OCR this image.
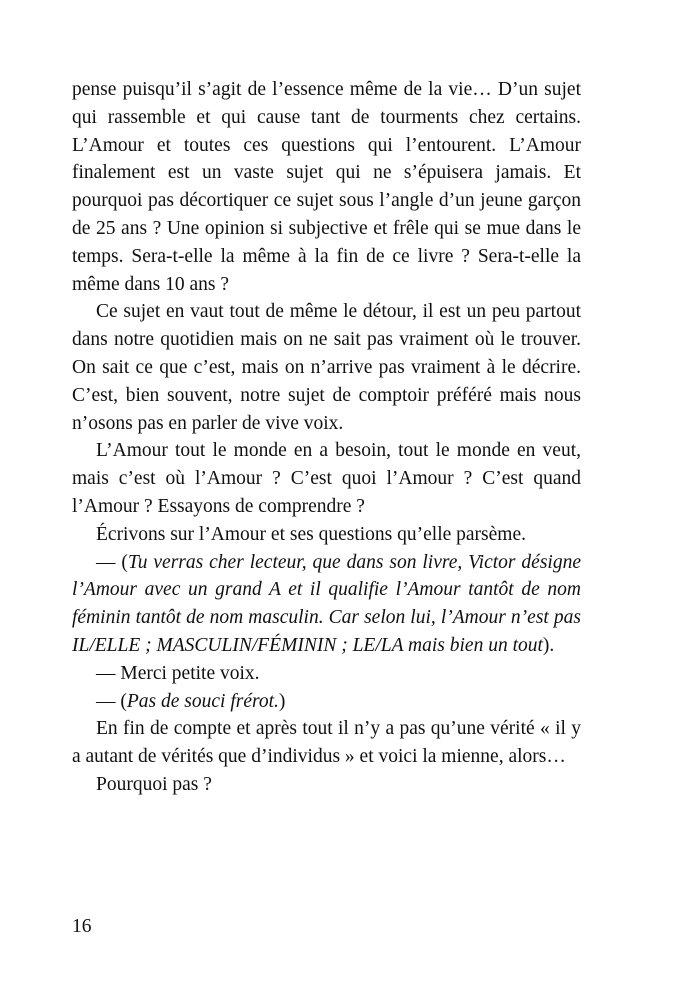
pense puisqu’il s’agit de l’essence même de la vie… D’un sujet qui rassemble et qui cause tant de tourments chez certains. L’Amour et toutes ces questions qui l’entourent. L’Amour finalement est un vaste sujet qui ne s’épuisera jamais. Et pourquoi pas décortiquer ce sujet sous l’angle d’un jeune garçon de 25 ans ? Une opinion si subjective et frêle qui se mue dans le temps. Sera-t-elle la même à la fin de ce livre ? Sera-t-elle la même dans 10 ans ?

Ce sujet en vaut tout de même le détour, il est un peu partout dans notre quotidien mais on ne sait pas vraiment où le trouver. On sait ce que c’est, mais on n’arrive pas vraiment à le décrire. C’est, bien souvent, notre sujet de comptoir préféré mais nous n’osons pas en parler de vive voix.

L’Amour tout le monde en a besoin, tout le monde en veut, mais c’est où l’Amour ? C’est quoi l’Amour ? C’est quand l’Amour ? Essayons de comprendre ?

Écrivons sur l’Amour et ses questions qu’elle parsème.

— (Tu verras cher lecteur, que dans son livre, Victor désigne l’Amour avec un grand A et il qualifie l’Amour tantôt de nom féminin tantôt de nom masculin. Car selon lui, l’Amour n’est pas IL/ELLE ; MASCULIN/FÉMININ ; LE/LA mais bien un tout).

— Merci petite voix.

— (Pas de souci frérot.)

En fin de compte et après tout il n’y a pas qu’une vérité « il y a autant de vérités que d’individus » et voici la mienne, alors…

Pourquoi pas ?

16
